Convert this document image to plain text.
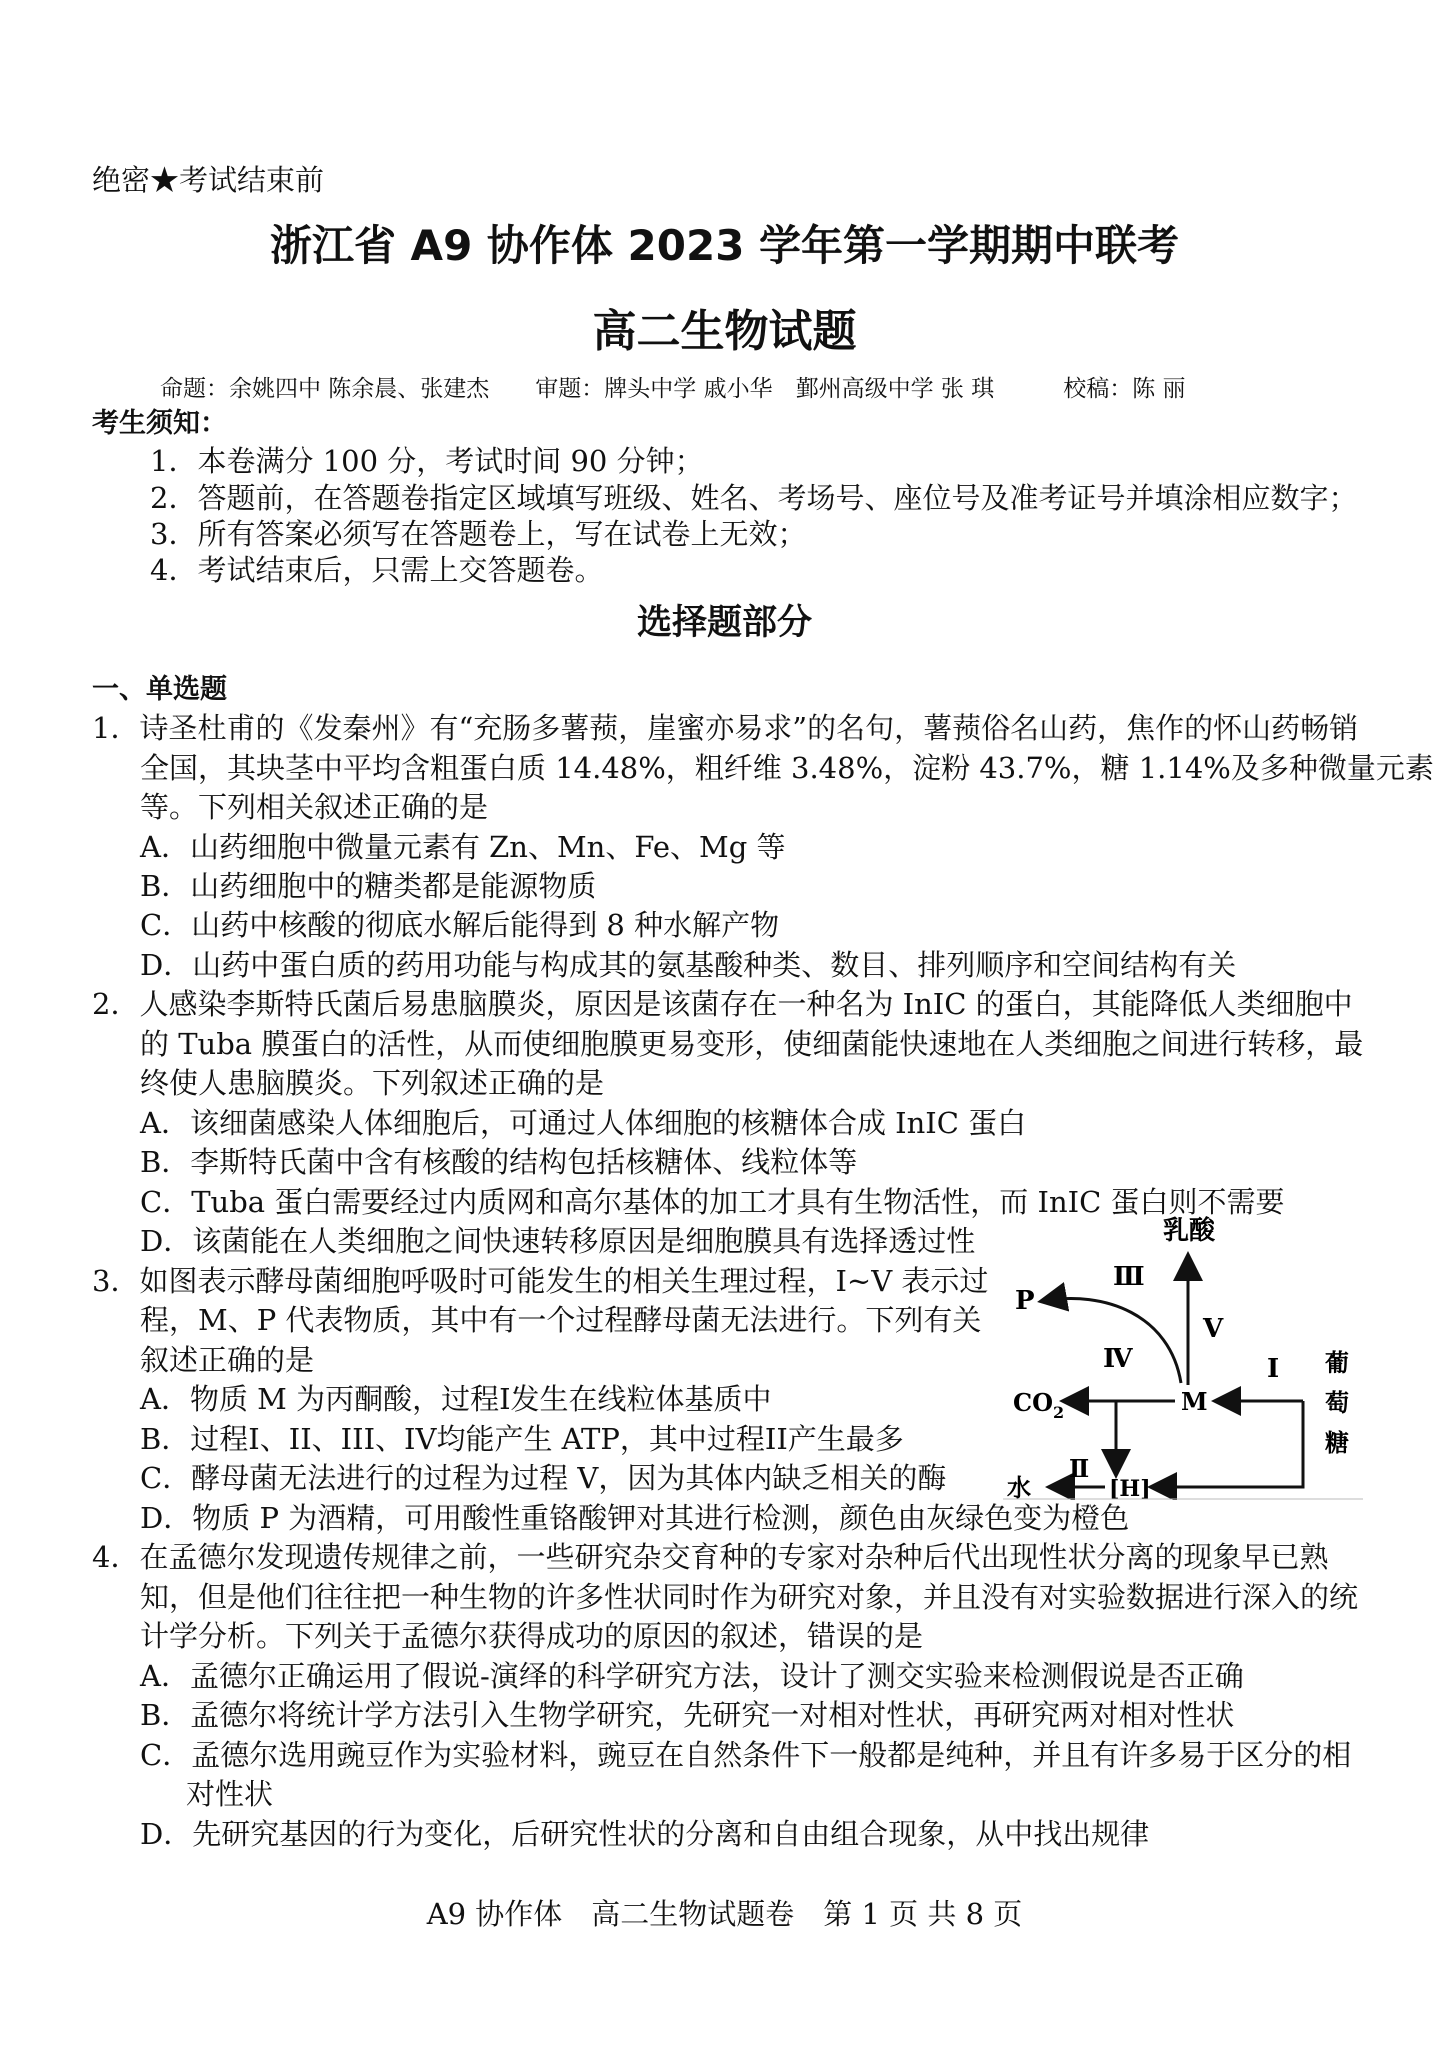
绝密★考试结束前
浙江省 A9 协作体 2023 学年第一学期期中联考
高二生物试题
命题：余姚四中 陈余晨、张建杰　　审题：牌头中学 戚小华　鄞州高级中学 张 琪　　　校稿：陈 丽
考生须知：
1．本卷满分 100 分，考试时间 90 分钟；
2．答题前，在答题卷指定区域填写班级、姓名、考场号、座位号及准考证号并填涂相应数字；
3．所有答案必须写在答题卷上，写在试卷上无效；
4．考试结束后，只需上交答题卷。
选择题部分
一、单选题
1．诗圣杜甫的《发秦州》有“充肠多薯蓣，崖蜜亦易求”的名句，薯蓣俗名山药，焦作的怀山药畅销
全国，其块茎中平均含粗蛋白质 14.48%，粗纤维 3.48%，淀粉 43.7%，糖 1.14%及多种微量元素
等。下列相关叙述正确的是
A．山药细胞中微量元素有 Zn、Mn、Fe、Mg 等
B．山药细胞中的糖类都是能源物质
C．山药中核酸的彻底水解后能得到 8 种水解产物
D．山药中蛋白质的药用功能与构成其的氨基酸种类、数目、排列顺序和空间结构有关
2．人感染李斯特氏菌后易患脑膜炎，原因是该菌存在一种名为 InIC 的蛋白，其能降低人类细胞中
的 Tuba 膜蛋白的活性，从而使细胞膜更易变形，使细菌能快速地在人类细胞之间进行转移，最
终使人患脑膜炎。下列叙述正确的是
A．该细菌感染人体细胞后，可通过人体细胞的核糖体合成 InIC 蛋白
B．李斯特氏菌中含有核酸的结构包括核糖体、线粒体等
C．Tuba 蛋白需要经过内质网和高尔基体的加工才具有生物活性，而 InIC 蛋白则不需要
D．该菌能在人类细胞之间快速转移原因是细胞膜具有选择透过性
3．如图表示酵母菌细胞呼吸时可能发生的相关生理过程，I~V 表示过
程，M、P 代表物质，其中有一个过程酵母菌无法进行。下列有关
叙述正确的是
A．物质 M 为丙酮酸，过程I发生在线粒体基质中
B．过程I、II、III、IV均能产生 ATP，其中过程II产生最多
C．酵母菌无法进行的过程为过程 V，因为其体内缺乏相关的酶
D．物质 P 为酒精，可用酸性重铬酸钾对其进行检测，颜色由灰绿色变为橙色
乳酸
V
P
Ⅲ
M
$CO_2$
Ⅳ	I 葡
萄
糖
[H]
Ⅱ
水
4．在孟德尔发现遗传规律之前，一些研究杂交育种的专家对杂种后代出现性状分离的现象早已熟
知，但是他们往往把一种生物的许多性状同时作为研究对象，并且没有对实验数据进行深入的统
计学分析。下列关于孟德尔获得成功的原因的叙述，错误的是
A．孟德尔正确运用了假说-演绎的科学研究方法，设计了测交实验来检测假说是否正确
B．孟德尔将统计学方法引入生物学研究，先研究一对相对性状，再研究两对相对性状
C．孟德尔选用豌豆作为实验材料，豌豆在自然条件下一般都是纯种，并且有许多易于区分的相
对性状
D．先研究基因的行为变化，后研究性状的分离和自由组合现象，从中找出规律
A9 协作体　高二生物试题卷　第 1 页 共 8 页
